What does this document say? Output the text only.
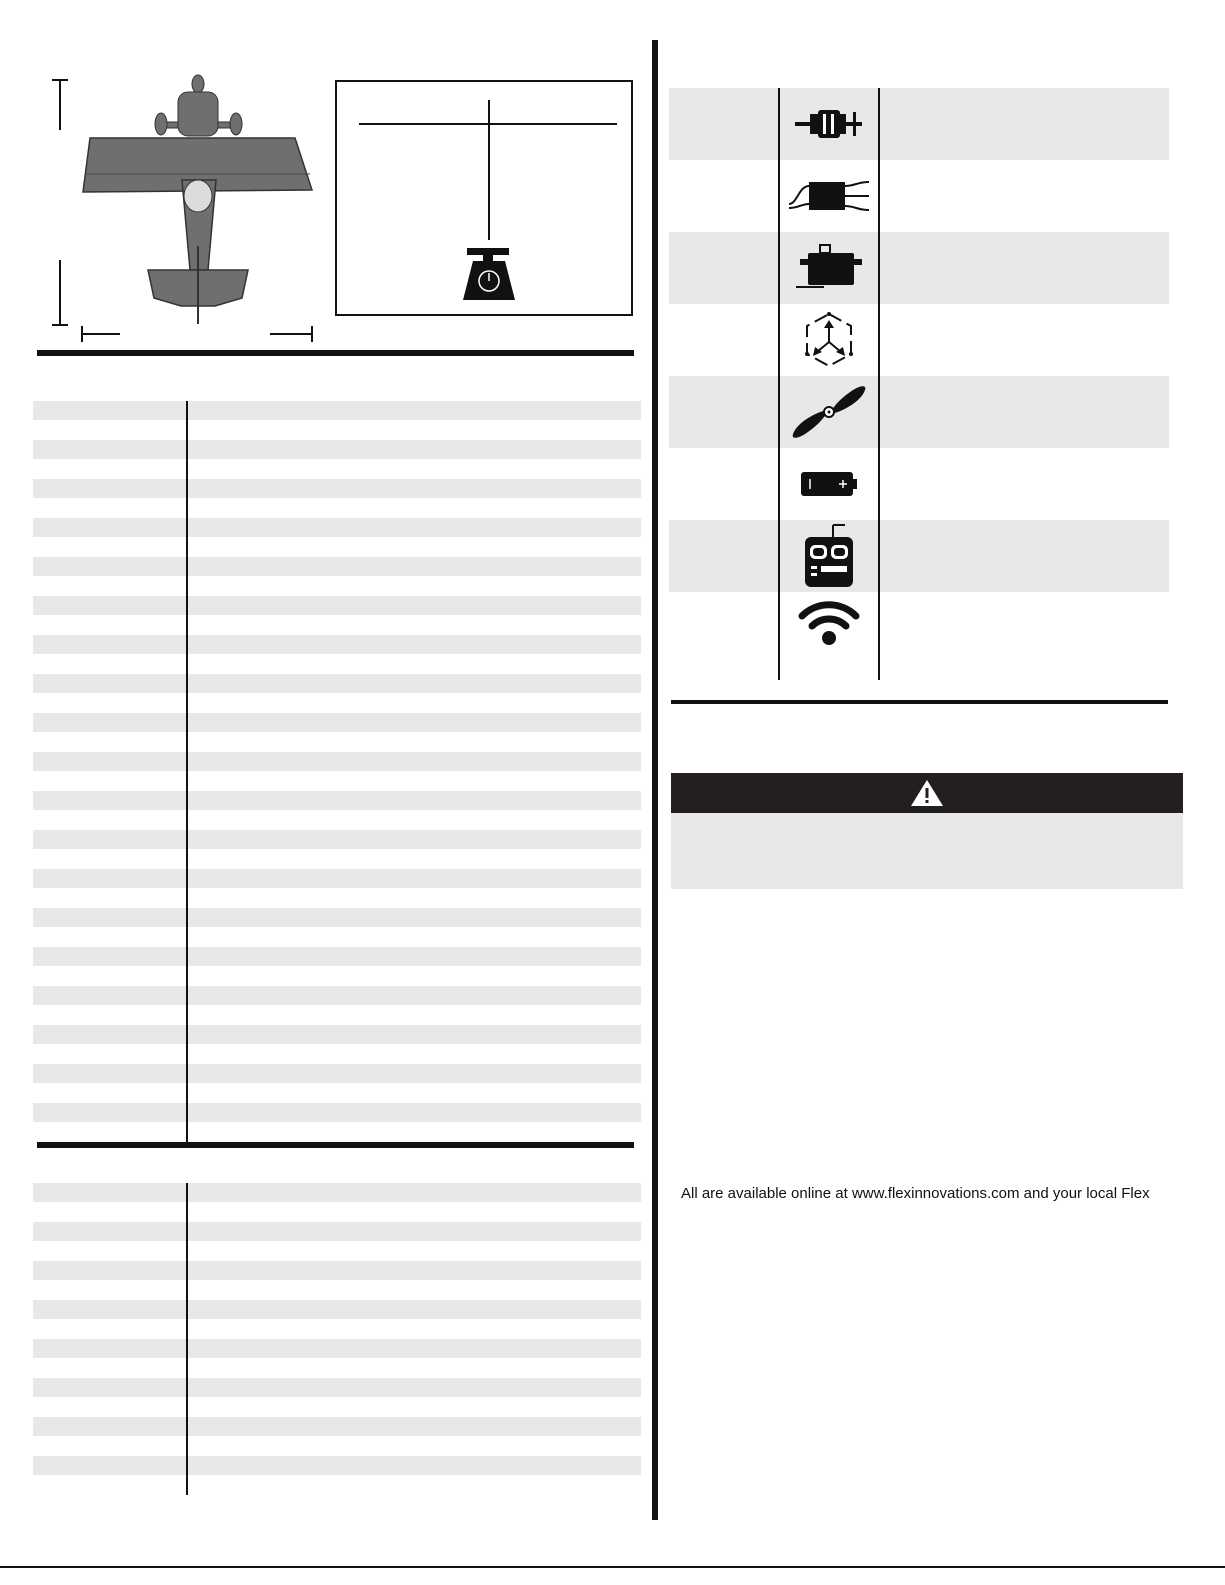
All are available online at www.flexinnovations.com and your local Flex
